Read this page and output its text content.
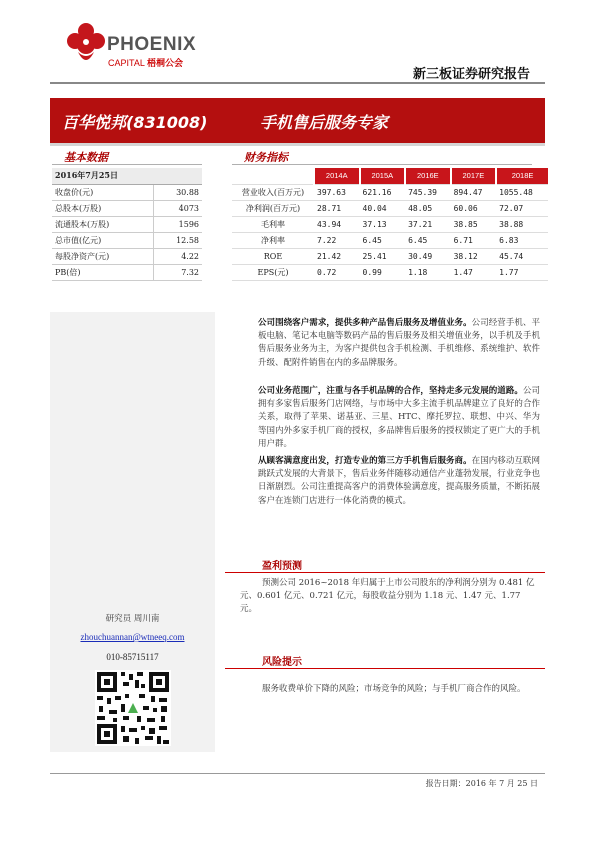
PHOENIX
CAPITAL 梧桐公会
新三板证券研究报告
百华悦邦(831008)	手机售后服务专家
基本数据
2016年7月25日	
收盘价(元)	30.88
总股本(万股)	4073
流通股本(万股)	1596
总市值(亿元)	12.58
每股净资产(元)	4.22
PB(倍)	7.32
财务指标
	2014A	2015A	2016E	2017E	2018E
营业收入(百万元)	397.63	621.16	745.39	894.47	1055.48
净利润(百万元)	28.71	40.04	48.05	60.06	72.07
毛利率	43.94	37.13	37.21	38.85	38.88
净利率	7.22	6.45	6.45	6.71	6.83
ROE	21.42	25.41	30.49	38.12	45.74
EPS(元)	0.72	0.99	1.18	1.47	1.77
研究员 周川南
zhouchuannan@wtneeq.com
010-85715117
公司围绕客户需求，提供多种产品售后服务及增值业务。公司经营手机、平板电脑、笔记本电脑等数码产品的售后服务及相关增值业务，以手机及手机售后服务业务为主，为客户提供包含手机检测、手机维修、系统维护、软件升级、配附件销售在内的多品牌服务。
公司业务范围广，注重与各手机品牌的合作，坚持走多元发展的道路。公司拥有多家售后服务门店网络，与市场中大多主流手机品牌建立了良好的合作关系，取得了苹果、诺基亚、三星、HTC、摩托罗拉、联想、中兴、华为等国内外多家手机厂商的授权，多品牌售后服务的授权锁定了更广大的手机用户群。
从顾客满意度出发，打造专业的第三方手机售后服务商。在国内移动互联网跳跃式发展的大背景下，售后业务伴随移动通信产业蓬勃发展，行业竞争也日渐剧烈。公司注重提高客户的消费体验满意度，提高服务质量，不断拓展客户在连锁门店进行一体化消费的模式。
盈利预测
预测公司 2016~2018 年归属于上市公司股东的净利润分别为 0.481 亿元、0.601 亿元、0.721 亿元，每股收益分别为 1.18 元、1.47 元、1.77 元。
风险提示
服务收费单价下降的风险；市场竞争的风险；与手机厂商合作的风险。
报告日期：2016 年 7 月 25 日
